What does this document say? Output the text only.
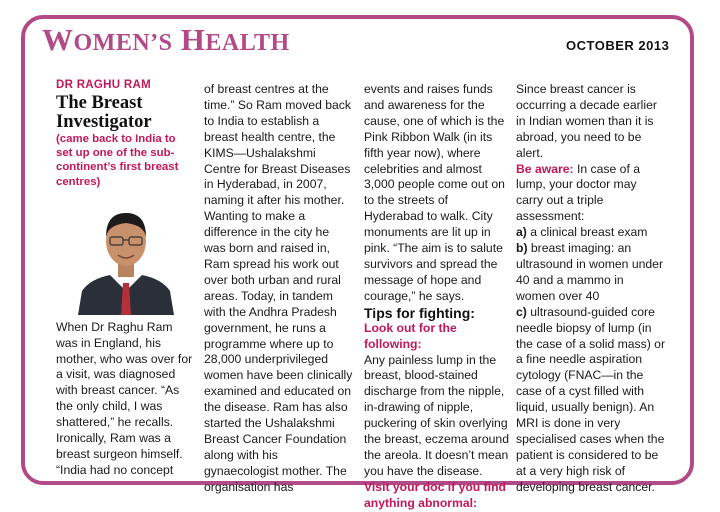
WOMEN’S HEALTH	OCTOBER 2013

DR RAGHU RAM

The Breast Investigator

(came back to India to set up one of the sub-continent’s first breast centres)

When Dr Raghu Ram was in England, his mother, who was over for a visit, was diagnosed with breast cancer. “As the only child, I was shattered,” he recalls. Ironically, Ram was a breast surgeon himself. “India had no concept

of breast centres at the time.” So Ram moved back to India to establish a breast health centre, the KIMS—Ushalakshmi Centre for Breast Diseases in Hyderabad, in 2007, naming it after his mother. Wanting to make a difference in the city he was born and raised in, Ram spread his work out over both urban and rural areas. Today, in tandem with the Andhra Pradesh government, he runs a programme where up to 28,000 underprivileged women have been clinically examined and educated on the disease. Ram has also started the Ushalakshmi Breast Cancer Foundation along with his gynaecologist mother. The organisation has

events and raises funds and awareness for the cause, one of which is the Pink Ribbon Walk (in its fifth year now), where celebrities and almost 3,000 people come out on to the streets of Hyderabad to walk. City monuments are lit up in pink. “The aim is to salute survivors and spread the message of hope and courage,” he says.

Tips for fighting:

Look out for the following:

Any painless lump in the breast, blood-stained discharge from the nipple, in-drawing of nipple, puckering of skin overlying the breast, eczema around the areola. It doesn’t mean you have the disease.

Visit your doc if you find anything abnormal:

Since breast cancer is occurring a decade earlier in Indian women than it is abroad, you need to be alert.

Be aware: In case of a lump, your doctor may carry out a triple assessment:

a) a clinical breast exam

b) breast imaging: an ultrasound in women under 40 and a mammo in women over 40

c) ultrasound-guided core needle biopsy of lump (in the case of a solid mass) or a fine needle aspiration cytology (FNAC—in the case of a cyst filled with liquid, usually benign). An MRI is done in very specialised cases when the patient is considered to be at a very high risk of developing breast cancer.
